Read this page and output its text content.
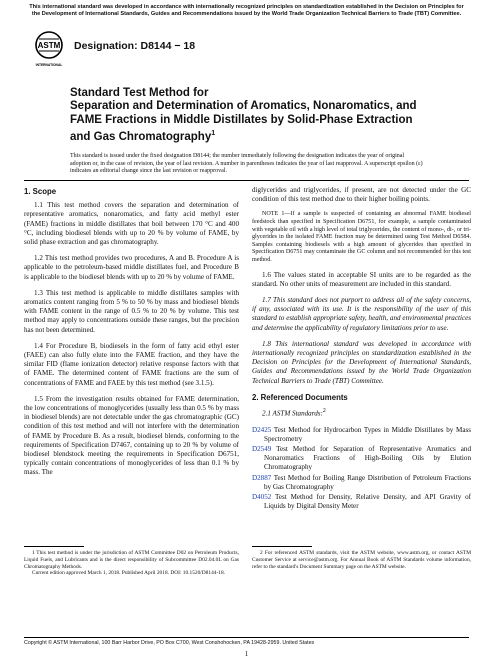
This international standard was developed in accordance with internationally recognized principles on standardization established in the Decision on Principles for the Development of International Standards, Guides and Recommendations issued by the World Trade Organization Technical Barriers to Trade (TBT) Committee.
ASTM
INTERNATIONAL
Designation: D8144 − 18
Standard Test Method for
Separation and Determination of Aromatics, Nonaromatics, and FAME Fractions in Middle Distillates by Solid-Phase Extraction and Gas Chromatography$^1$
This standard is issued under the fixed designation D8144; the number immediately following the designation indicates the year of original adoption or, in the case of revision, the year of last revision. A number in parentheses indicates the year of last reapproval. A superscript epsilon (ε) indicates an editorial change since the last revision or reapproval.
1. Scope

1.1 This test method covers the separation and determination of representative aromatics, nonaromatics, and fatty acid methyl ester (FAME) fractions in middle distillates that boil between 170 °C and 400 °C, including biodiesel blends with up to 20 % by volume of FAME, by solid phase extraction and gas chromatography.

1.2 This test method provides two procedures, A and B. Procedure A is applicable to the petroleum-based middle distillates fuel, and Procedure B is applicable to the biodiesel blends with up to 20 % by volume of FAME.

1.3 This test method is applicable to middle distillates samples with aromatics content ranging from 5 % to 50 % by mass and biodiesel blends with FAME content in the range of 0.5 % to 20 % by volume. This test method may apply to concentrations outside these ranges, but the precision has not been determined.

1.4 For Procedure B, biodiesels in the form of fatty acid ethyl ester (FAEE) can also fully elute into the FAME fraction, and they have the similar FID (flame ionization detector) relative response factors with that of FAME. The determined content of FAME fractions are the sum of concentrations of FAME and FAEE by this test method (see 3.1.5).

1.5 From the investigation results obtained for FAME determination, the low concentrations of monoglycerides (usually less than 0.5 % by mass in biodiesel blends) are not detectable under the gas chromatographic (GC) condition of this test method and will not interfere with the determination of FAME by Procedure B. As a result, biodiesel blends, conforming to the requirements of Specification D7467, containing up to 20 % by volume of biodiesel blendstock meeting the requirements in Specification D6751, typically contain concentrations of monoglycerides of less than 0.1 % by mass. The

diglycerides and triglycerides, if present, are not detected under the GC condition of this test method due to their higher boiling points.

NOTE 1—If a sample is suspected of containing an abnormal FAME biodiesel feedstock than specified in Specification D6751, for example, a sample contaminated with vegetable oil with a high level of total triglycerides, the content of mono-, di-, or tri-glycerides in the isolated FAME fraction may be determined using Test Method D6584. Samples containing biodiesels with a high amount of glycerides than specified in Specification D6751 may contaminate the GC column and not recommended for this test method.

1.6 The values stated in acceptable SI units are to be regarded as the standard. No other units of measurement are included in this standard.

1.7 This standard does not purport to address all of the safety concerns, if any, associated with its use. It is the responsibility of the user of this standard to establish appropriate safety, health, and environmental practices and determine the applicability of regulatory limitations prior to use.

1.8 This international standard was developed in accordance with internationally recognized principles on standardization established in the Decision on Principles for the Development of International Standards, Guides and Recommendations issued by the World Trade Organization Technical Barriers to Trade (TBT) Committee.

2. Referenced Documents

2.1 ASTM Standards:$^2$

D2425 Test Method for Hydrocarbon Types in Middle Distillates by Mass Spectrometry
D2549 Test Method for Separation of Representative Aromatics and Nonaromatics Fractions of High-Boiling Oils by Elution Chromatography
D2887 Test Method for Boiling Range Distribution of Petroleum Fractions by Gas Chromatography
D4052 Test Method for Density, Relative Density, and API Gravity of Liquids by Digital Density Meter
1 This test method is under the jurisdiction of ASTM Committee D02 on Petroleum Products, Liquid Fuels, and Lubricants and is the direct responsibility of Subcommittee D02.04.0L on Gas Chromatography Methods.
Current edition approved March 1, 2018. Published April 2018. DOI: 10.1520/D8144-18.
2 For referenced ASTM standards, visit the ASTM website, www.astm.org, or contact ASTM Customer Service at service@astm.org. For Annual Book of ASTM Standards volume information, refer to the standard's Document Summary page on the ASTM website.
Copyright © ASTM International, 100 Barr Harbor Drive, PO Box C700, West Conshohocken, PA 19428-2959. United States
1
